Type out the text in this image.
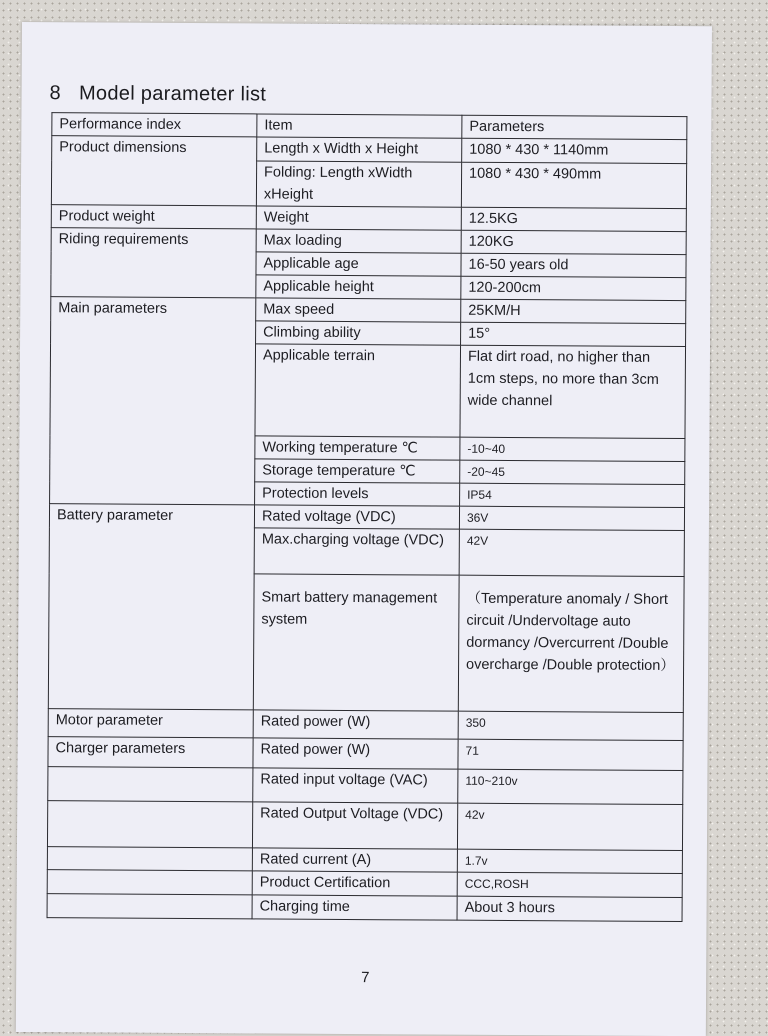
8 Model parameter list
Performance index	Item	Parameters
Product dimensions	Length x Width x Height	1080 * 430 * 1140mm
	Folding: Length xWidth xHeight	1080 * 430 * 490mm
Product weight	Weight	12.5KG
Riding requirements	Max loading	120KG
	Applicable age	16-50 years old
	Applicable height	120-200cm
Main parameters	Max speed	25KM/H
	Climbing ability	15°
	Applicable terrain	Flat dirt road, no higher than 1cm steps, no more than 3cm wide channel
	Working temperature ℃	-10~40
	Storage temperature ℃	-20~45
	Protection levels	IP54
Battery parameter	Rated voltage (VDC)	36V
	Max.charging voltage (VDC)	42V
	Smart battery management system	（Temperature anomaly / Short circuit /Undervoltage auto dormancy /Overcurrent /Double overcharge /Double protection）
Motor parameter	Rated power (W)	350
Charger parameters	Rated power (W)	71
	Rated input voltage (VAC)	110~210v
	Rated Output Voltage (VDC)	42v
	Rated current (A)	1.7v
	Product Certification	CCC,ROSH
	Charging time	About 3 hours
7
